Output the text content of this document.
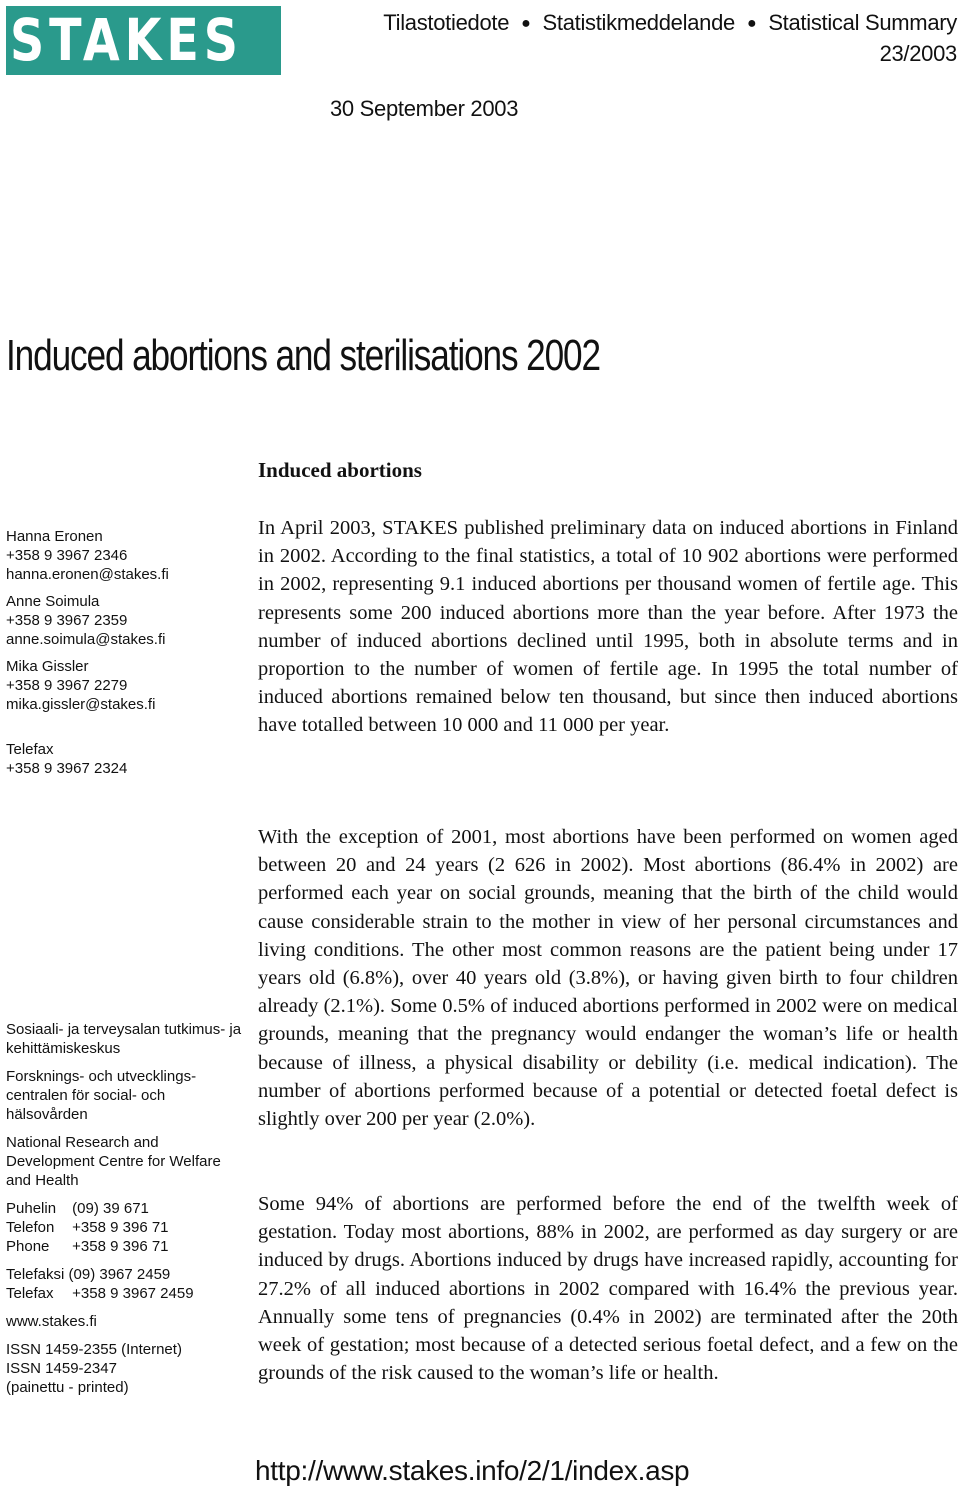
STAKES	Tilastotiedote ● Statistikmeddelande ● Statistical Summary
23/2003
30 September 2003
Induced abortions and sterilisations 2002
Induced abortions
Hanna Eronen
+358 9 3967 2346
hanna.eronen@stakes.fi
Anne Soimula
+358 9 3967 2359
anne.soimula@stakes.fi
Mika Gissler
+358 9 3967 2279
mika.gissler@stakes.fi
Telefax
+358 9 3967 2324

Sosiaali- ja terveysalan tutkimus- ja kehittämiskeskus

Forsknings- och utvecklings- centralen för social- och hälsovården

National Research and Development Centre for Welfare and Health

Puhelin (09) 39 671
Telefon +358 9 396 71
Phone +358 9 396 71

Telefaksi (09) 3967 2459
Telefax +358 9 3967 2459

www.stakes.fi

ISSN 1459-2355 (Internet)
ISSN 1459-2347
(painettu - printed)

In April 2003, STAKES published preliminary data on induced abortions in Finland in 2002. According to the final statistics, a total of 10 902 abortions were performed in 2002, representing 9.1 induced abortions per thousand women of fertile age. This represents some 200 induced abortions more than the year before. After 1973 the number of induced abortions declined until 1995, both in absolute terms and in proportion to the number of women of fertile age. In 1995 the total number of induced abortions remained below ten thousand, but since then induced abortions have totalled between 10 000 and 11 000 per year.

With the exception of 2001, most abortions have been performed on women aged between 20 and 24 years (2 626 in 2002). Most abortions (86.4% in 2002) are performed each year on social grounds, meaning that the birth of the child would cause considerable strain to the mother in view of her personal circumstances and living conditions. The other most common reasons are the patient being under 17 years old (6.8%), over 40 years old (3.8%), or having given birth to four children already (2.1%). Some 0.5% of induced abortions performed in 2002 were on medical grounds, meaning that the pregnancy would endanger the woman’s life or health because of illness, a physical disability or debility (i.e. medical indication). The number of abortions performed because of a potential or detected foetal defect is slightly over 200 per year (2.0%).

Some 94% of abortions are performed before the end of the twelfth week of gestation. Today most abortions, 88% in 2002, are performed as day surgery or are induced by drugs. Abortions induced by drugs have increased rapidly, accounting for 27.2% of all induced abortions in 2002 compared with 16.4% the previous year. Annually some tens of pregnancies (0.4% in 2002) are terminated after the 20th week of gestation; most because of a detected serious foetal defect, and a few on the grounds of the risk caused to the woman’s life or health.

http://www.stakes.info/2/1/index.asp
